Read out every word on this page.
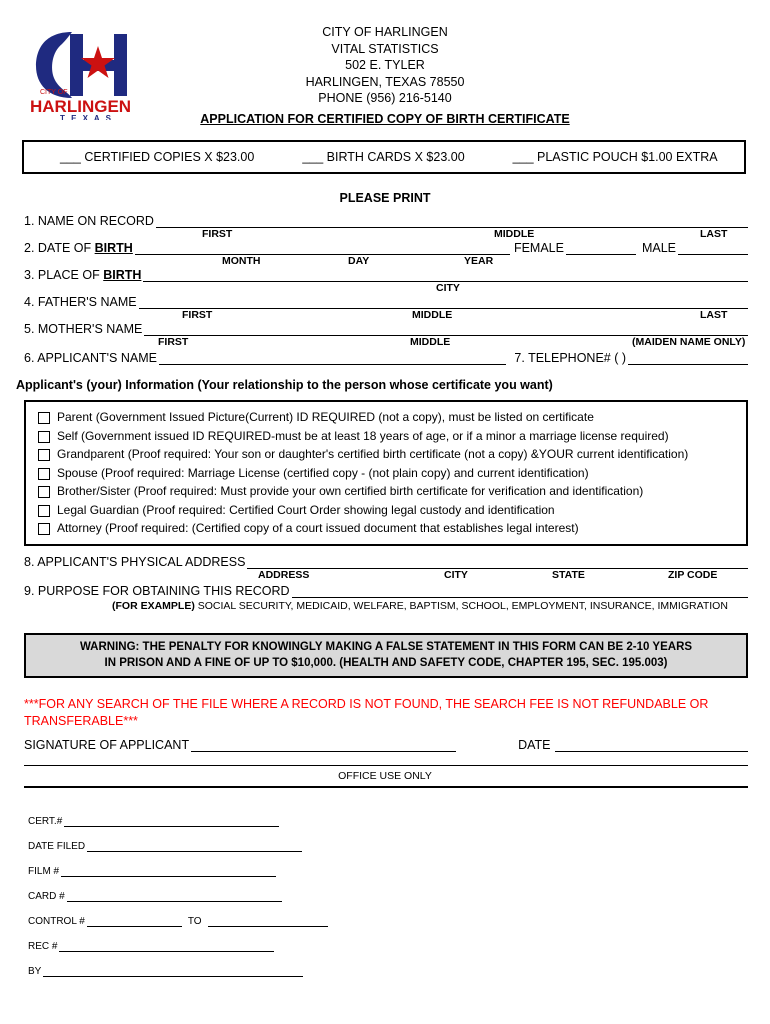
CITY OF
HARLINGEN
T E X A S
CITY OF HARLINGEN
VITAL STATISTICS
502 E. TYLER
HARLINGEN, TEXAS 78550
PHONE (956) 216-5140
APPLICATION FOR CERTIFIED COPY OF BIRTH CERTIFICATE
___ CERTIFIED COPIES X $23.00	___ BIRTH CARDS X $23.00	___ PLASTIC POUCH $1.00 EXTRA
PLEASE PRINT
1. NAME ON RECORD
FIRST	MIDDLE	LAST
2. DATE OF BIRTH	FEMALE	MALE
MONTH	DAY	YEAR
3. PLACE OF BIRTH
CITY
4. FATHER'S NAME
FIRST	MIDDLE	LAST
5. MOTHER'S NAME
FIRST	MIDDLE	(MAIDEN NAME ONLY)
6. APPLICANT'S NAME	7. TELEPHONE# ( )
Applicant's (your) Information (Your relationship to the person whose certificate you want)
Parent (Government Issued Picture(Current) ID REQUIRED (not a copy), must be listed on certificate
Self (Government issued ID REQUIRED-must be at least 18 years of age, or if a minor a marriage license required)
Grandparent (Proof required: Your son or daughter's certified birth certificate (not a copy) &YOUR current identification)
Spouse (Proof required: Marriage License (certified copy - (not plain copy) and current identification)
Brother/Sister (Proof required: Must provide your own certified birth certificate for verification and identification)
Legal Guardian (Proof required: Certified Court Order showing legal custody and identification
Attorney (Proof required: (Certified copy of a court issued document that establishes legal interest)
8. APPLICANT'S PHYSICAL ADDRESS
ADDRESS	CITY	STATE	ZIP CODE
9. PURPOSE FOR OBTAINING THIS RECORD
(FOR EXAMPLE) SOCIAL SECURITY, MEDICAID, WELFARE, BAPTISM, SCHOOL, EMPLOYMENT, INSURANCE, IMMIGRATION
WARNING: THE PENALTY FOR KNOWINGLY MAKING A FALSE STATEMENT IN THIS FORM CAN BE 2-10 YEARS
IN PRISON AND A FINE OF UP TO $10,000. (HEALTH AND SAFETY CODE, CHAPTER 195, SEC. 195.003)
***FOR ANY SEARCH OF THE FILE WHERE A RECORD IS NOT FOUND, THE SEARCH FEE IS NOT REFUNDABLE OR TRANSFERABLE***
SIGNATURE OF APPLICANT	DATE
OFFICE USE ONLY
CERT.#
DATE FILED
FILM #
CARD #
CONTROL #	TO
REC #
BY
